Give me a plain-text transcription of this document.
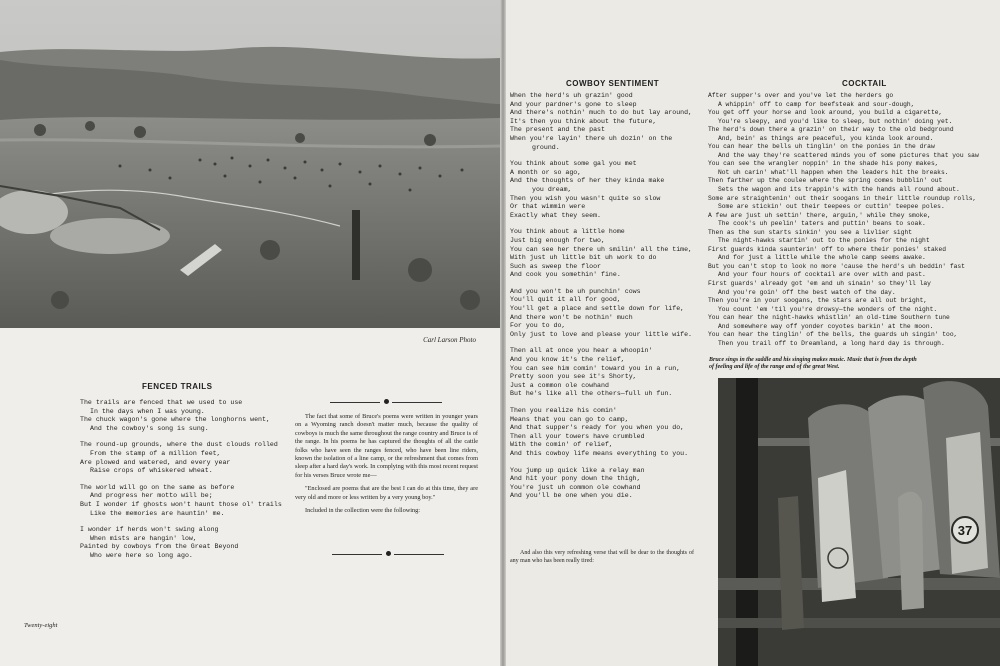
Carl Larson Photo
FENCED TRAILS
The trails are fenced that we used to use
In the days when I was young.
The chuck wagon's gone where the longhorns went,
And the cowboy's song is sung.
The round-up grounds, where the dust clouds rolled
From the stamp of a million feet,
Are plowed and watered, and every year
Raise crops of whiskered wheat.
The world will go on the same as before
And progress her motto will be;
But I wonder if ghosts won't haunt those ol' trails
Like the memories are hauntin' me.
I wonder if herds won't swing along
When mists are hangin' low,
Painted by cowboys from the Great Beyond
Who were here so long ago.

The fact that some of Bruce's poems were written in younger years on a Wyoming ranch doesn't matter much, because the quality of cowboys is much the same throughout the range country and Bruce is of the range. In his poems he has captured the thoughts of all the cattle folks who have seen the ranges fenced, who have been line riders, known the isolation of a line camp, or the refreshment that comes from sleep after a hard day's work. In complying with this most recent request for his verses Bruce wrote me—

"Enclosed are poems that are the best I can do at this time, they are very old and more or less written by a very young boy."

Included in the collection were the following:

Twenty-eight
COWBOY SENTIMENT
When the herd's uh grazin' good
And your pardner's gone to sleep
And there's nothin' much to do but lay around,
It's then you think about the future,
The present and the past
When you're layin' there uh dozin' on the
ground.
You think about some gal you met
A month or so ago,
And the thoughts of her they kinda make
you dream,
Then you wish you wasn't quite so slow
Or that wimmin were
Exactly what they seem.
You think about a little home
Just big enough for two,
You can see her there uh smilin' all the time,
With just uh little bit uh work to do
Such as sweep the floor
And cook you somethin' fine.
And you won't be uh punchin' cows
You'll quit it all for good,
You'll get a place and settle down for life,
And there won't be nothin' much
For you to do,
Only just to love and please your little wife.
Then all at once you hear a whoopin'
And you know it's the relief,
You can see him comin' toward you in a run,
Pretty soon you see it's Shorty,
Just a common ole cowhand
But he's like all the others—full uh fun.
Then you realize his comin'
Means that you can go to camp,
And that supper's ready for you when you do,
Then all your towers have crumbled
With the comin' of relief,
And this cowboy life means everything to you.
You jump up quick like a relay man
And hit your pony down the thigh,
You're just uh common ole cowhand
And you'll be one when you die.

And also this very refreshing verse that will be dear to the thoughts of any man who has been really tired:

COCKTAIL
After supper's over and you've let the herders go
A whippin' off to camp for beefsteak and sour-dough,
You get off your horse and look around, you build a cigarette,
You're sleepy, and you'd like to sleep, but nothin' doing yet.
The herd's down there a grazin' on their way to the old bedground
And, bein' as things are peaceful, you kinda look around.
You can hear the bells uh tinglin' on the ponies in the draw
And the way they're scattered minds you of some pictures that you saw
You can see the wrangler noppin' in the shade his pony makes,
Not uh carin' what'll happen when the leaders hit the breaks.
Then farther up the coulee where the spring comes bubblin' out
Sets the wagon and its trappin's with the hands all round about.
Some are straightenin' out their soogans in their little roundup rolls,
Some are stickin' out their teepees or cuttin' teepee poles.
A few are just uh settin' there, arguin,' while they smoke,
The cook's uh peelin' taters and puttin' beans to soak.
Then as the sun starts sinkin' you see a livlier sight
The night-hawks startin' out to the ponies for the night
First guards kinda saunterin' off to where their ponies' staked
And for just a little while the whole camp seems awake.
But you can't stop to look no more 'cause the herd's uh beddin' fast
And your four hours of cocktail are over with and past.
First guards' already got 'em and uh sinain' so they'll lay
And you're goin' off the best watch of the day.
Then you're in your soogans, the stars are all out bright,
You count 'em 'til you're drowsy—the wonders of the night.
You can hear the night-hawks whistlin' an old-time Southern tune
And somewhere way off yonder coyotes barkin' at the moon.
You can hear the tinglin' of the bells, the guards uh singin' too,
Then you trail off to Dreamland, a long hard day is through.
Bruce sings in the saddle and his singing makes music. Music that is from the depth of feeling and life of the range and of the great West.
37
